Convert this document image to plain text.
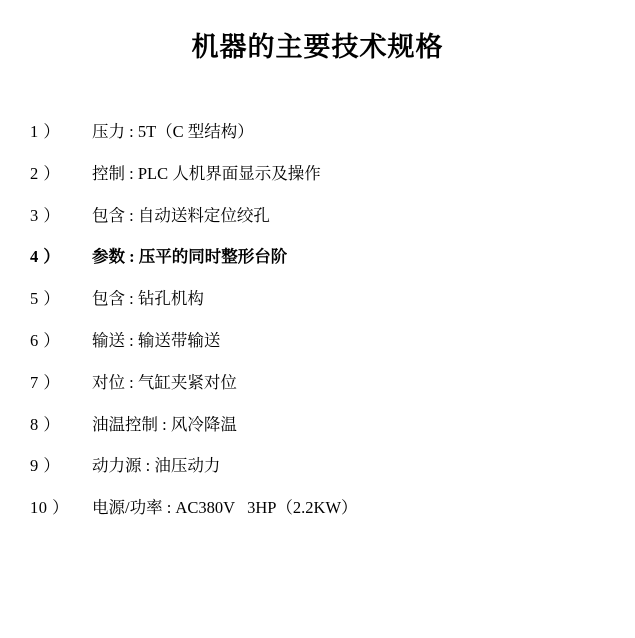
机器的主要技术规格
1 ）	压力 : 5T（C 型结构）
2 ）	控制 : PLC 人机界面显示及操作
3 ）	包含 : 自动送料定位绞孔
4 ）	参数 : 压平的同时整形台阶
5 ）	包含 : 钻孔机构
6 ）	输送 : 输送带输送
7 ）	对位 : 气缸夹紧对位
8 ）	油温控制 : 风冷降温
9 ）	动力源 : 油压动力
10 ）	电源/功率 : AC380V   3HP（2.2KW）
